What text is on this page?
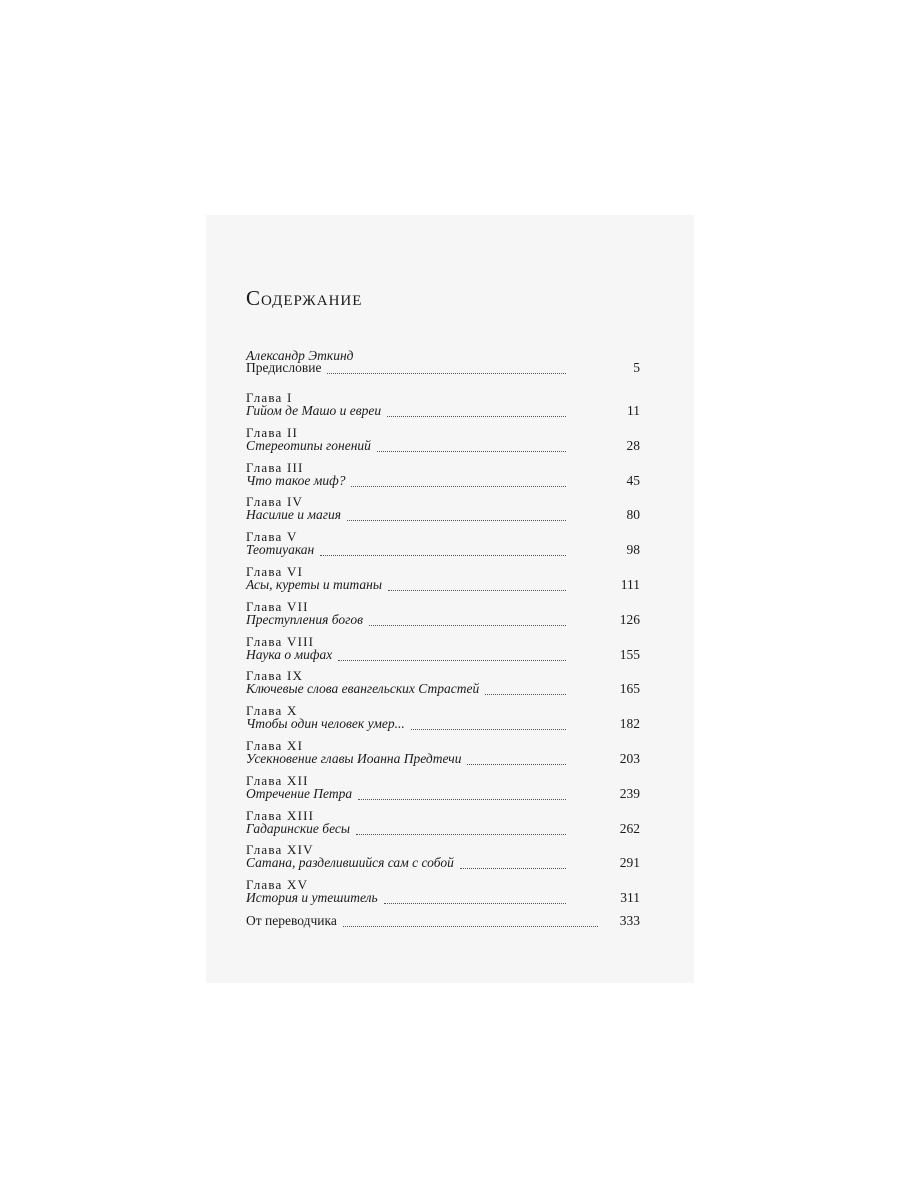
Содержание
Александр Эткинд
Предисловие	5
Глава I
Гийом де Машо и евреи	11
Глава II
Стереотипы гонений	28
Глава III
Что такое миф?	45
Глава IV
Насилие и магия	80
Глава V
Теотиуакан	98
Глава VI
Асы, куреты и титаны	111
Глава VII
Преступления богов	126
Глава VIII
Наука о мифах	155
Глава IX
Ключевые слова евангельских Страстей	165
Глава X
Чтобы один человек умер...	182
Глава XI
Усекновение главы Иоанна Предтечи	203
Глава XII
Отречение Петра	239
Глава XIII
Гадаринские бесы	262
Глава XIV
Сатана, разделившийся сам с собой	291
Глава XV
История и утешитель	311
От переводчика	333
